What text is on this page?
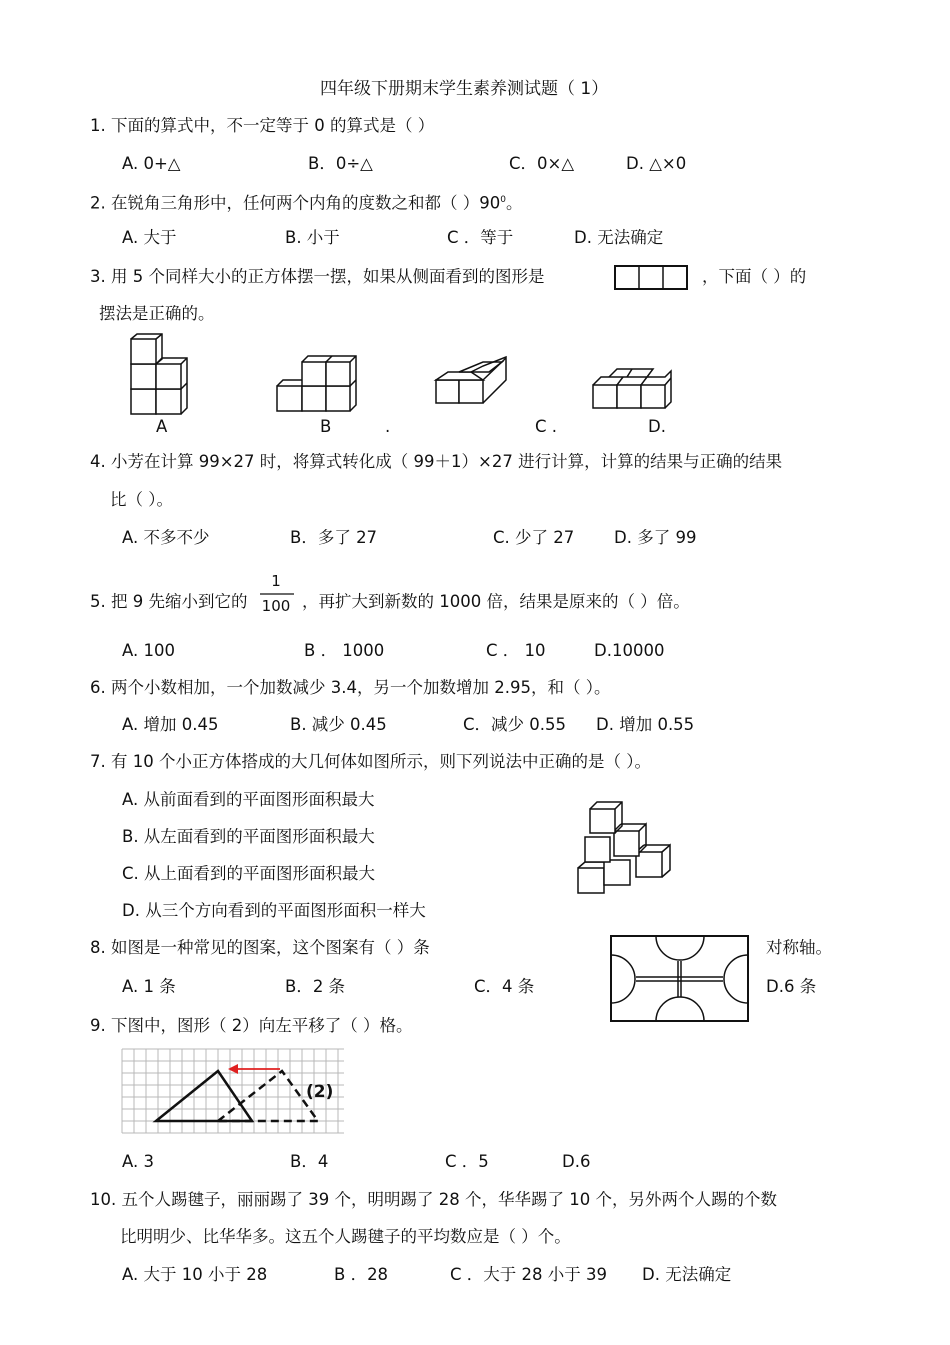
四年级下册期末学生素养测试题（ 1）
1. 下面的算式中，不一定等于 0 的算式是（ ）
A. 0+△	B．0÷△	C．0×△	D. △×0
2. 在锐角三角形中，任何两个内角的度数之和都（ ）$90^0$。
A. 大于	B. 小于	C ．等于	D. 无法确定
3. 用 5 个同样大小的正方体摆一摆，如果从侧面看到的图形是	，下面（ ）的
摆法是正确的。
A	B	.	C .	D.
4. 小芳在计算 99×27 时，将算式转化成（ 99＋1）×27 进行计算，计算的结果与正确的结果
比（ ）。
A. 不多不少	B．多了 27	C. 少了 27 D. 多了 99
5. 把 9 先缩小到它的
1
100 ，再扩大到新数的 1000 倍，结果是原来的（ ）倍。
A. 100	B ． 1000	C ． 10	D.10000
6. 两个小数相加，一个加数减少 3.4，另一个加数增加 2.95，和（ ）。
A. 增加 0.45	B. 减少 0.45	C．减少 0.55 D. 增加 0.55
7. 有 10 个小正方体搭成的大几何体如图所示，则下列说法中正确的是（ ）。
A. 从前面看到的平面图形面积最大
B. 从左面看到的平面图形面积最大
C. 从上面看到的平面图形面积最大
D. 从三个方向看到的平面图形面积一样大
8. 如图是一种常见的图案，这个图案有（ ）条	对称轴。
A. 1 条	B．2 条	C．4 条	D.6 条
9. 下图中，图形（ 2）向左平移了（ ）格。
(2)
A. 3	B．4	C ．5	D.6
10. 五个人踢毽子，丽丽踢了 39 个，明明踢了 28 个，华华踢了 10 个，另外两个人踢的个数
比明明少、比华华多。这五个人踢毽子的平均数应是（ ）个。
A. 大于 10 小于 28	B ．28	C ．大于 28 小于 39 D. 无法确定
